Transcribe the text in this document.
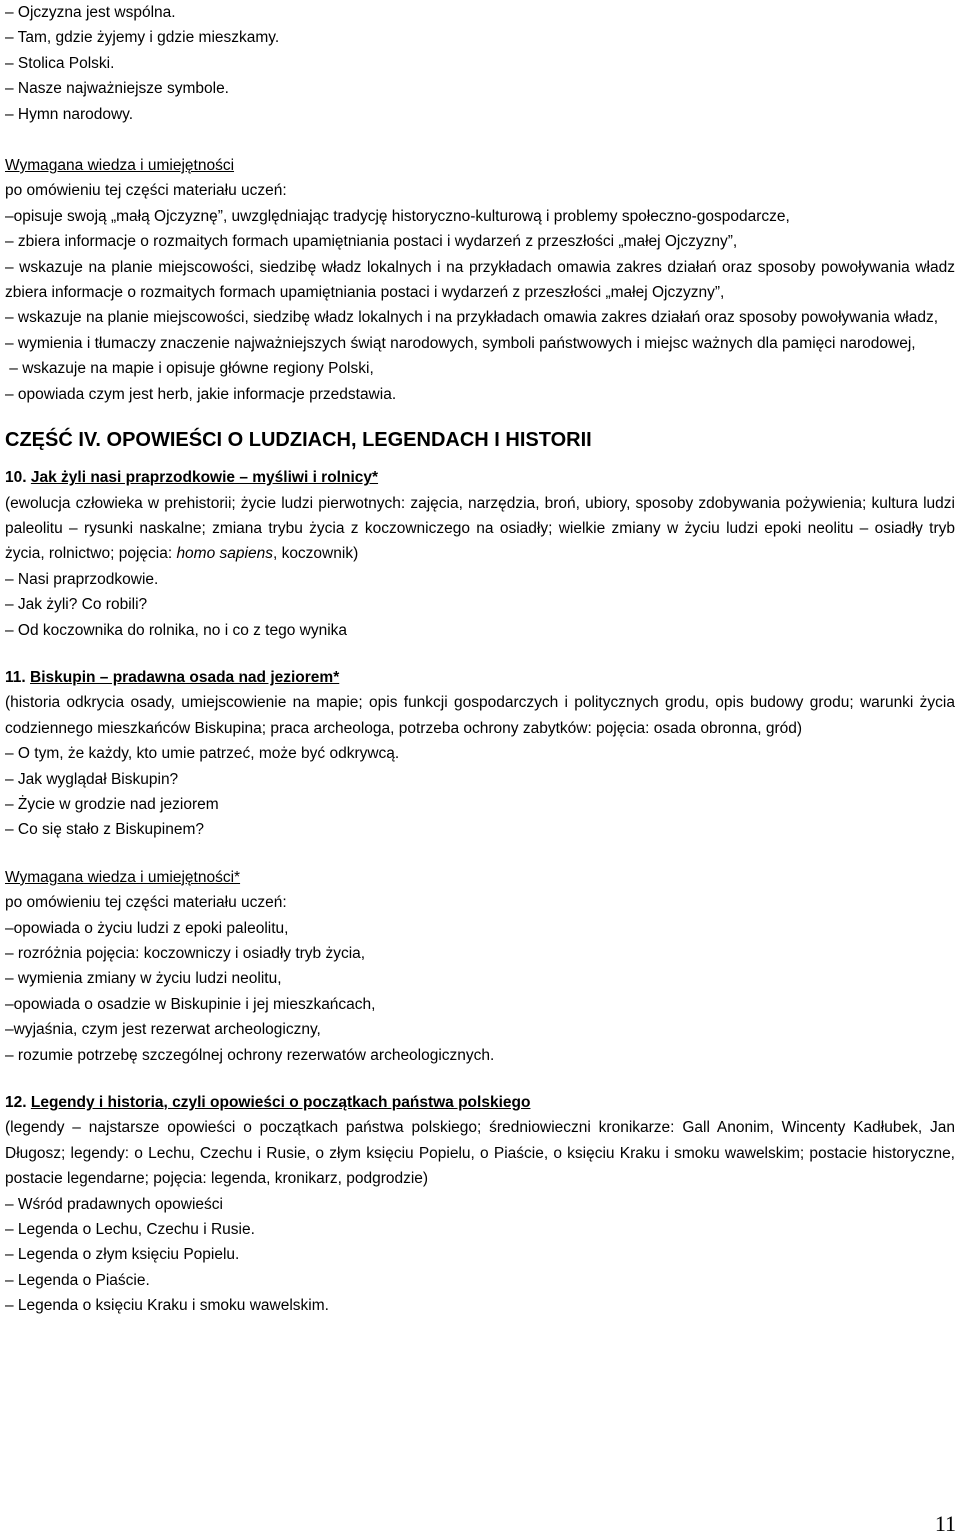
– Ojczyzna jest wspólna.
– Tam, gdzie żyjemy i gdzie mieszkamy.
– Stolica Polski.
– Nasze najważniejsze symbole.
– Hymn narodowy.
Wymagana wiedza i umiejętności
po omówieniu tej części materiału uczeń:
–opisuje swoją „małą Ojczyznę”, uwzględniając tradycję historyczno-kulturową i problemy społeczno-gospodarcze,
– zbiera informacje o rozmaitych formach upamiętniania postaci i wydarzeń z przeszłości „małej Ojczyzny”,
– wskazuje na planie miejscowości, siedzibę władz lokalnych i na przykładach omawia zakres działań oraz sposoby powoływania władz zbiera informacje o rozmaitych formach upamiętniania postaci i wydarzeń z przeszłości „małej Ojczyzny”,
– wskazuje na planie miejscowości, siedzibę władz lokalnych i na przykładach omawia zakres działań oraz sposoby powoływania władz,
– wymienia i tłumaczy znaczenie najważniejszych świąt narodowych, symboli państwowych i miejsc ważnych dla pamięci narodowej,
– wskazuje na mapie i opisuje główne regiony Polski,
– opowiada czym jest herb, jakie informacje przedstawia.
CZĘŚĆ IV. OPOWIEŚCI O LUDZIACH, LEGENDACH I HISTORII
10. Jak żyli nasi praprzodkowie – myśliwi i rolnicy*
(ewolucja człowieka w prehistorii; życie ludzi pierwotnych: zajęcia, narzędzia, broń, ubiory, sposoby zdobywania pożywienia; kultura ludzi paleolitu – rysunki naskalne; zmiana trybu życia z koczowniczego na osiadły; wielkie zmiany w życiu ludzi epoki neolitu – osiadły tryb życia, rolnictwo; pojęcia: homo sapiens, koczownik)
– Nasi praprzodkowie.
– Jak żyli? Co robili?
– Od koczownika do rolnika, no i co z tego wynika
11. Biskupin – pradawna osada nad jeziorem*
(historia odkrycia osady, umiejscowienie na mapie; opis funkcji gospodarczych i politycznych grodu, opis budowy grodu; warunki życia codziennego mieszkańców Biskupina; praca archeologa, potrzeba ochrony zabytków: pojęcia: osada obronna, gród)
– O tym, że każdy, kto umie patrzeć, może być odkrywcą.
– Jak wyglądał Biskupin?
– Życie w grodzie nad jeziorem
– Co się stało z Biskupinem?
Wymagana wiedza i umiejętności*
po omówieniu tej części materiału uczeń:
–opowiada o życiu ludzi z epoki paleolitu,
– rozróżnia pojęcia: koczowniczy i osiadły tryb życia,
– wymienia zmiany w życiu ludzi neolitu,
–opowiada o osadzie w Biskupinie i jej mieszkańcach,
–wyjaśnia, czym jest rezerwat archeologiczny,
– rozumie potrzebę szczególnej ochrony rezerwatów archeologicznych.
12. Legendy i historia, czyli opowieści o początkach państwa polskiego
(legendy – najstarsze opowieści o początkach państwa polskiego; średniowieczni kronikarze: Gall Anonim, Wincenty Kadłubek, Jan Długosz; legendy: o Lechu, Czechu i Rusie, o złym księciu Popielu, o Piaście, o księciu Kraku i smoku wawelskim; postacie historyczne, postacie legendarne; pojęcia: legenda, kronikarz, podgrodzie)
– Wśród pradawnych opowieści
– Legenda o Lechu, Czechu i Rusie.
– Legenda o złym księciu Popielu.
– Legenda o Piaście.
– Legenda o księciu Kraku i smoku wawelskim.
11
